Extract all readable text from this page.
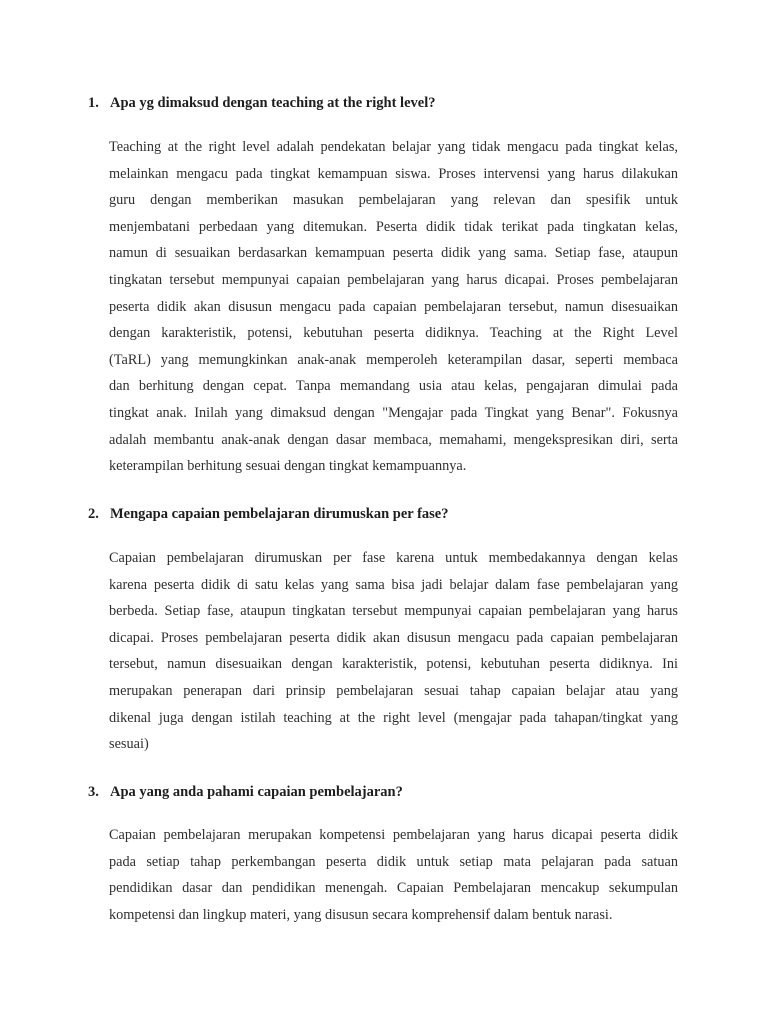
1. Apa yg dimaksud dengan teaching at the right level?

Teaching at the right level adalah pendekatan belajar yang tidak mengacu pada tingkat kelas,
melainkan mengacu pada tingkat kemampuan siswa. Proses intervensi yang harus dilakukan
guru dengan memberikan masukan pembelajaran yang relevan dan spesifik untuk
menjembatani perbedaan yang ditemukan. Peserta didik tidak terikat pada tingkatan kelas,
namun di sesuaikan berdasarkan kemampuan peserta didik yang sama. Setiap fase, ataupun
tingkatan tersebut mempunyai capaian pembelajaran yang harus dicapai. Proses pembelajaran
peserta didik akan disusun mengacu pada capaian pembelajaran tersebut, namun disesuaikan
dengan karakteristik, potensi, kebutuhan peserta didiknya. Teaching at the Right Level
(TaRL) yang memungkinkan anak-anak memperoleh keterampilan dasar, seperti membaca
dan berhitung dengan cepat. Tanpa memandang usia atau kelas, pengajaran dimulai pada
tingkat anak. Inilah yang dimaksud dengan "Mengajar pada Tingkat yang Benar". Fokusnya
adalah membantu anak-anak dengan dasar membaca, memahami, mengekspresikan diri, serta
keterampilan berhitung sesuai dengan tingkat kemampuannya.

2. Mengapa capaian pembelajaran dirumuskan per fase?

Capaian pembelajaran dirumuskan per fase karena untuk membedakannya dengan kelas
karena peserta didik di satu kelas yang sama bisa jadi belajar dalam fase pembelajaran yang
berbeda. Setiap fase, ataupun tingkatan tersebut mempunyai capaian pembelajaran yang harus
dicapai. Proses pembelajaran peserta didik akan disusun mengacu pada capaian pembelajaran
tersebut, namun disesuaikan dengan karakteristik, potensi, kebutuhan peserta didiknya. Ini
merupakan penerapan dari prinsip pembelajaran sesuai tahap capaian belajar atau yang
dikenal juga dengan istilah teaching at the right level (mengajar pada tahapan/tingkat yang
sesuai)

3. Apa yang anda pahami capaian pembelajaran?

Capaian pembelajaran merupakan kompetensi pembelajaran yang harus dicapai peserta didik
pada setiap tahap perkembangan peserta didik untuk setiap mata pelajaran pada satuan
pendidikan dasar dan pendidikan menengah. Capaian Pembelajaran mencakup sekumpulan
kompetensi dan lingkup materi, yang disusun secara komprehensif dalam bentuk narasi.
